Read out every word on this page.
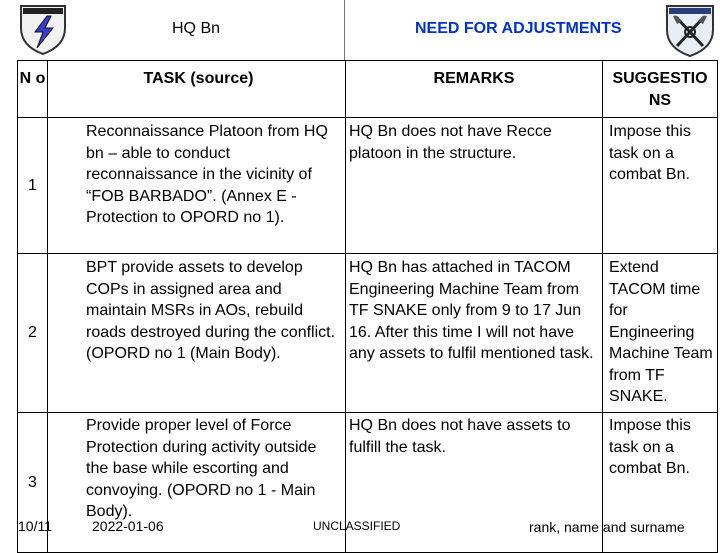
HQ Bn	NEED FOR ADJUSTMENTS
N o	TASK (source)	REMARKS	SUGGESTIO NS
1	Reconnaissance Platoon from HQ bn – able to conduct reconnaissance in the vicinity of “FOB BARBADO”. (Annex E - Protection to OPORD no 1).	HQ Bn does not have Recce platoon in the structure.	Impose this task on a combat Bn.
2	BPT provide assets to develop COPs in assigned area and maintain MSRs in AOs, rebuild roads destroyed during the conflict. (OPORD no 1 (Main Body).	HQ Bn has attached in TACOM Engineering Machine Team from TF SNAKE only from 9 to 17 Jun 16. After this time I will not have any assets to fulfil mentioned task.	Extend TACOM time for Engineering Machine Team from TF SNAKE.
3	Provide proper level of Force Protection during activity outside the base while escorting and convoying. (OPORD no 1 - Main Body).	HQ Bn does not have assets to fulfill the task.	Impose this task on a combat Bn.
10/11	2022-01-06	UNCLASSIFIED	rank, name and surname
